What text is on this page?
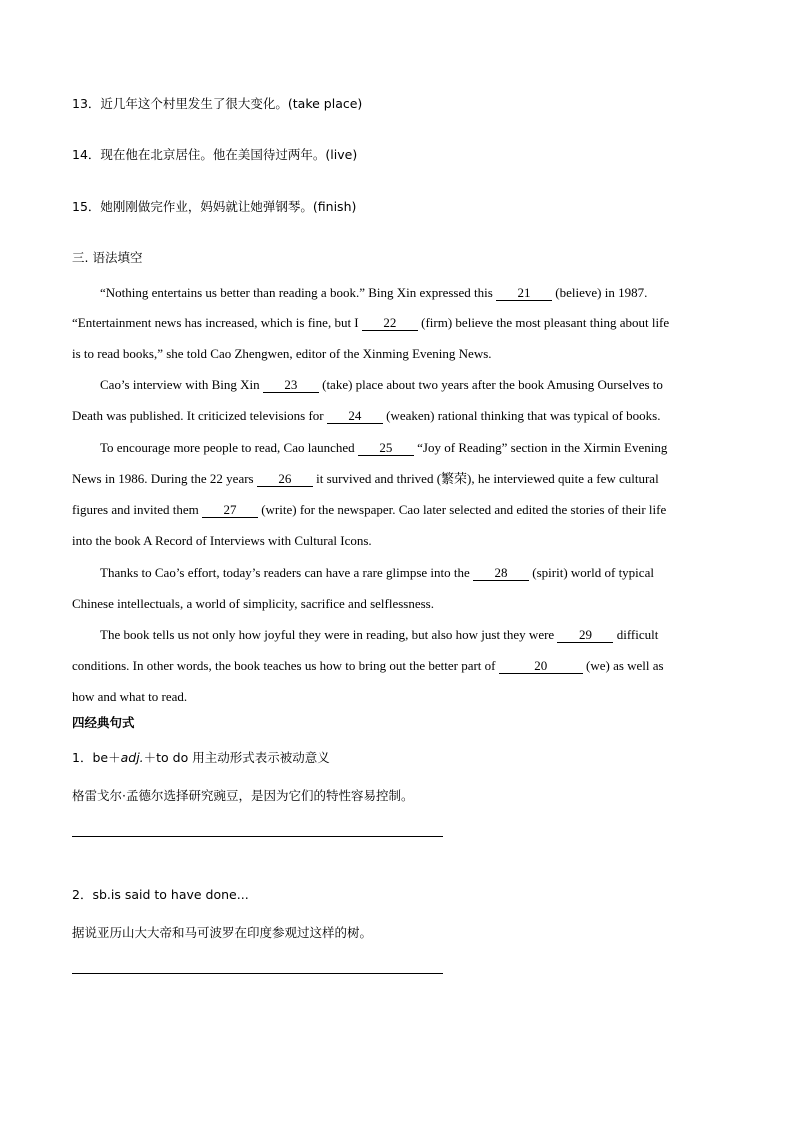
13．近几年这个村里发生了很大变化。(take place)
14．现在他在北京居住。他在美国待过两年。(live)
15．她刚刚做完作业，妈妈就让她弹钢琴。(finish)
三. 语法填空
“Nothing entertains us better than reading a book.” Bing Xin expressed this 21 (believe) in 1987.
“Entertainment news has increased, which is fine, but I 22 (firm) believe the most pleasant thing about life
is to read books,” she told Cao Zhengwen, editor of the Xinming Evening News.
Cao’s interview with Bing Xin 23 (take) place about two years after the book Amusing Ourselves to
Death was published. It criticized televisions for 24 (weaken) rational thinking that was typical of books.
To encourage more people to read, Cao launched 25 “Joy of Reading” section in the Xirmin Evening
News in 1986. During the 22 years 26 it survived and thrived (繁荣), he interviewed quite a few cultural
figures and invited them 27 (write) for the newspaper. Cao later selected and edited the stories of their life
into the book A Record of Interviews with Cultural Icons.
Thanks to Cao’s effort, today’s readers can have a rare glimpse into the 28 (spirit) world of typical
Chinese intellectuals, a world of simplicity, sacrifice and selflessness.
The book tells us not only how joyful they were in reading, but also how just they were 29 difficult
conditions. In other words, the book teaches us how to bring out the better part of	20	(we) as well as
how and what to read.
四经典句式
1．be＋adj.＋to do 用主动形式表示被动意义
格雷戈尔·孟德尔选择研究豌豆，是因为它们的特性容易控制。
2．sb.is said to have done...
据说亚历山大大帝和马可波罗在印度参观过这样的树。
